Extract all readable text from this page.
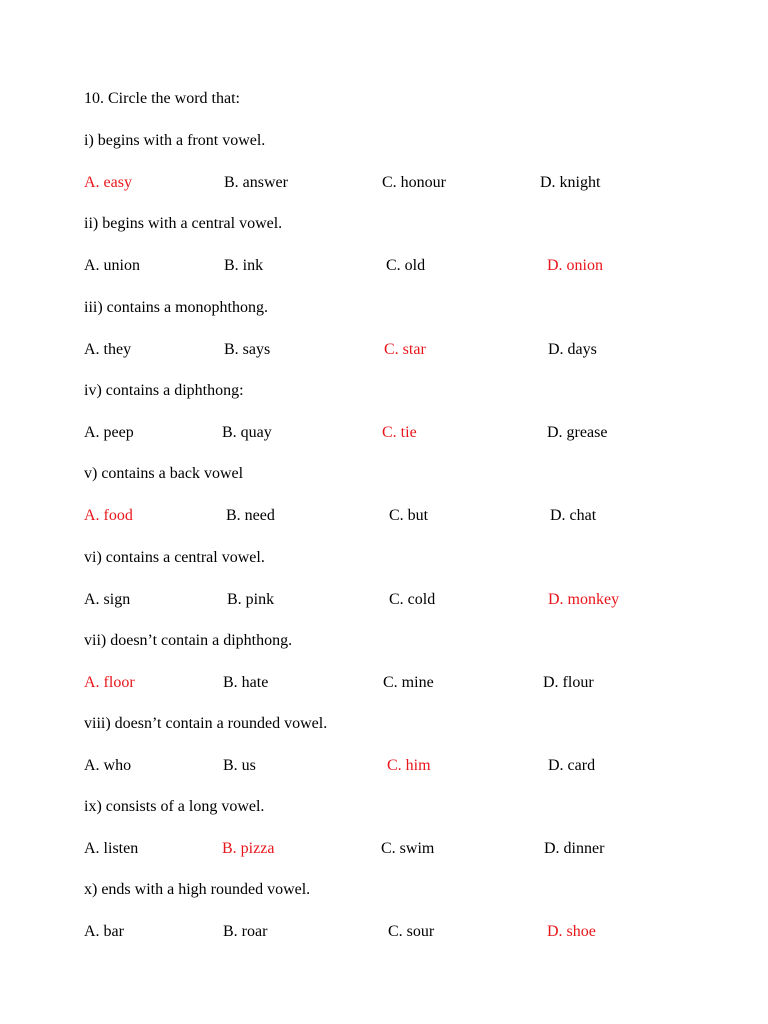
10. Circle the word that:
i) begins with a front vowel.
A. easy	B. answer	C. honour	D. knight
ii) begins with a central vowel.
A. union	B. ink	C. old	D. onion
iii) contains a monophthong.
A. they	B. says	C. star	D. days
iv) contains a diphthong:
A. peep	B. quay	C. tie	D. grease
v) contains a back vowel
A. food	B. need	C. but	D. chat
vi) contains a central vowel.
A. sign	B. pink	C. cold	D. monkey
vii) doesn’t contain a diphthong.
A. floor	B. hate	C. mine	D. flour
viii) doesn’t contain a rounded vowel.
A. who	B. us	C. him	D. card
ix) consists of a long vowel.
A. listen	B. pizza	C. swim	D. dinner
x) ends with a high rounded vowel.
A. bar	B. roar	C. sour	D. shoe
